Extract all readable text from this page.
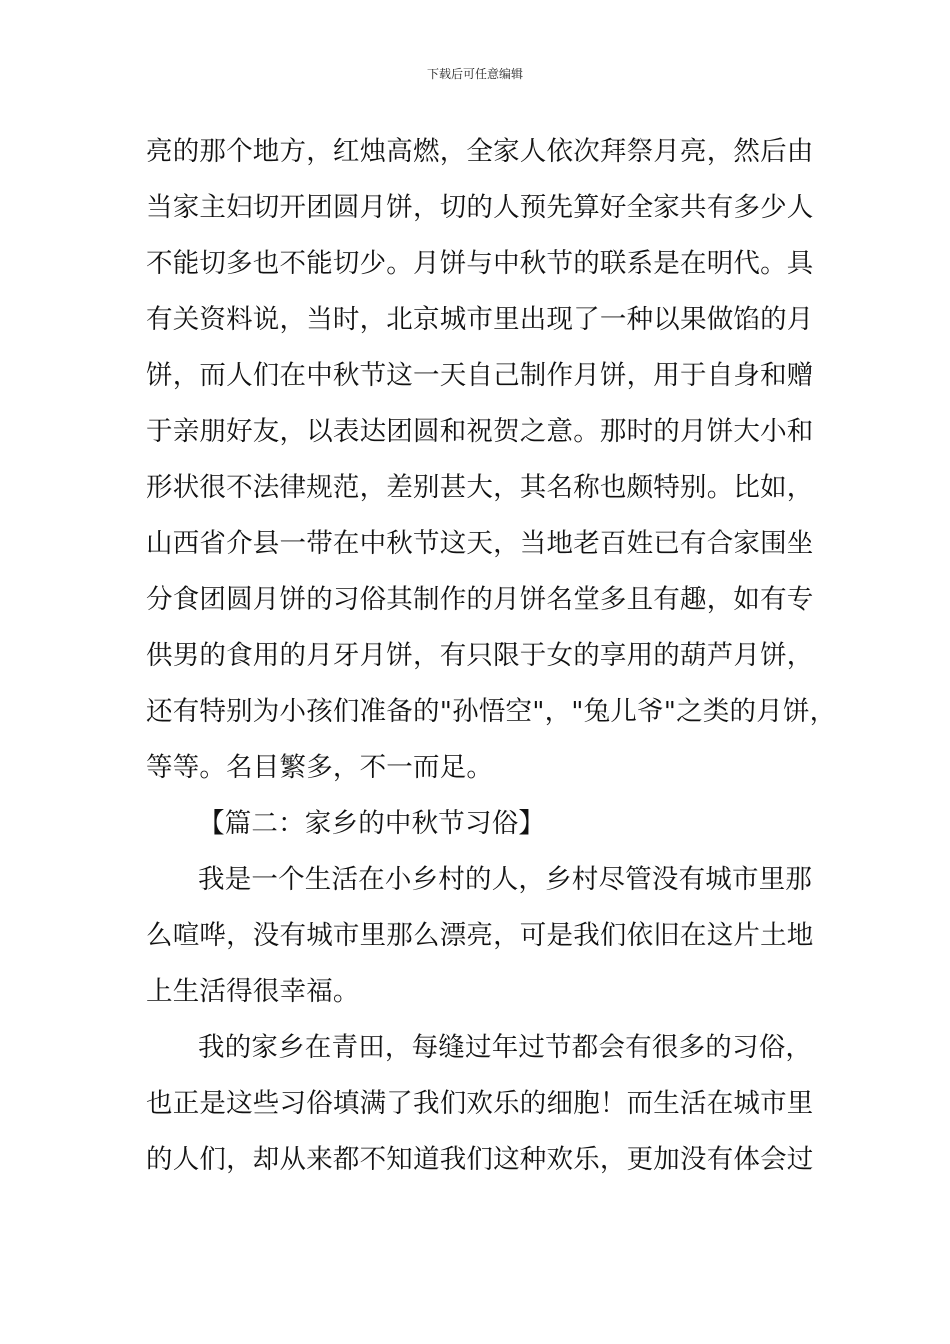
下载后可任意编辑
亮的那个地方，红烛高燃，全家人依次拜祭月亮，然后由
当家主妇切开团圆月饼，切的人预先算好全家共有多少人
不能切多也不能切少。月饼与中秋节的联系是在明代。具
有关资料说，当时，北京城市里出现了一种以果做馅的月
饼，而人们在中秋节这一天自己制作月饼，用于自身和赠
于亲朋好友，以表达团圆和祝贺之意。那时的月饼大小和
形状很不法律规范，差别甚大，其名称也颇特别。比如，
山西省介县一带在中秋节这天，当地老百姓已有合家围坐
分食团圆月饼的习俗其制作的月饼名堂多且有趣，如有专
供男的食用的月牙月饼，有只限于女的享用的葫芦月饼，
还有特别为小孩们准备的"孙悟空"，"兔儿爷"之类的月饼，
等等。名目繁多，不一而足。
【篇二：家乡的中秋节习俗】
我是一个生活在小乡村的人，乡村尽管没有城市里那
么喧哗，没有城市里那么漂亮，可是我们依旧在这片土地
上生活得很幸福。
我的家乡在青田，每缝过年过节都会有很多的习俗，
也正是这些习俗填满了我们欢乐的细胞！而生活在城市里
的人们，却从来都不知道我们这种欢乐，更加没有体会过
